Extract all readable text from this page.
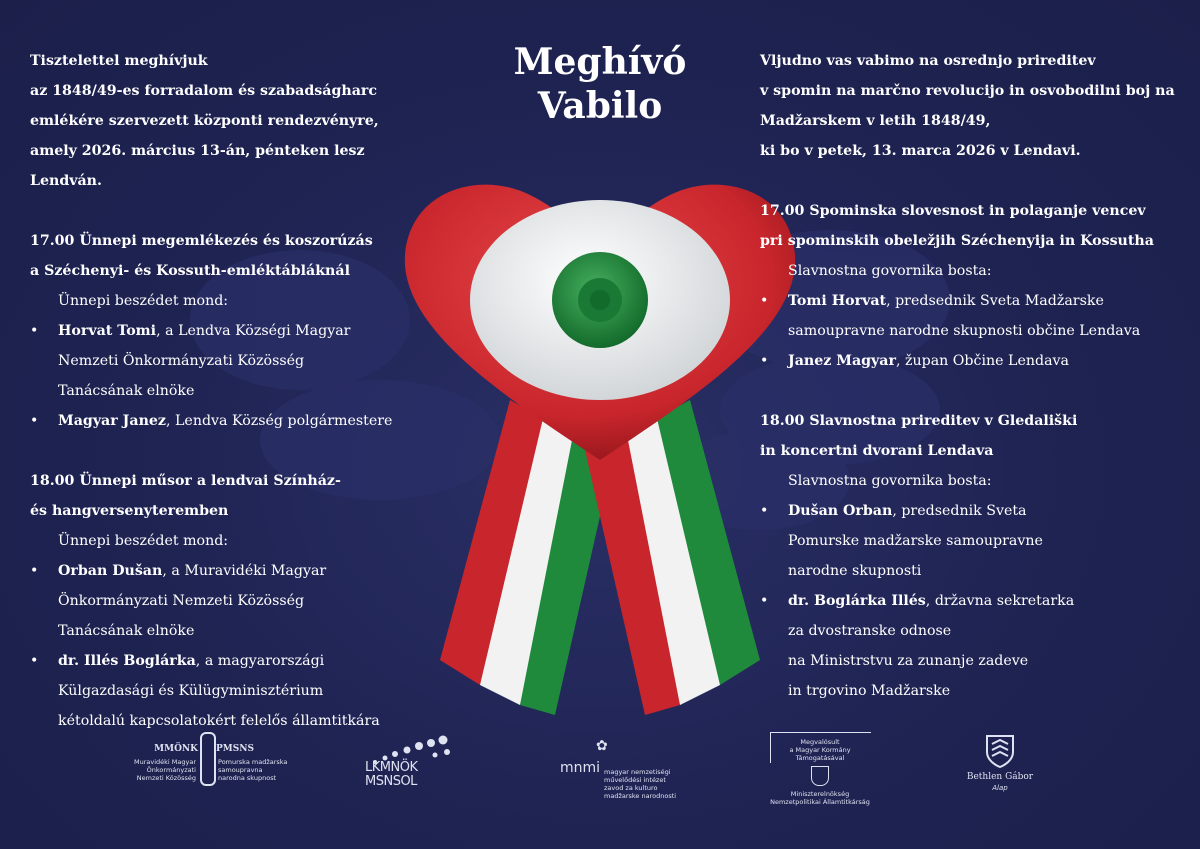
Tisztelettel meghívjuk
az 1848/49-es forradalom és szabadságharc
emlékére szervezett központi rendezvényre,
amely 2026. március 13-án, pénteken lesz Lendván.
17.00 Ünnepi megemlékezés és koszorúzás
a Széchenyi- és Kossuth-emléktábláknál
Ünnepi beszédet mond:
• Horvat Tomi, a Lendva Községi Magyar
Nemzeti Önkormányzati Közösség
Tanácsának elnöke
• Magyar Janez, Lendva Község polgármestere
18.00 Ünnepi műsor a lendvai Színház-
és hangversenyteremben
Ünnepi beszédet mond:
• Orban Dušan, a Muravidéki Magyar
Önkormányzati Nemzeti Közösség
Tanácsának elnöke
• dr. Illés Boglárka, a magyarországi
Külgazdasági és Külügyminisztérium
kétoldalú kapcsolatokért felelős államtitkára
Meghívó
Vabilo
Vljudno vas vabimo na osrednjo prireditev
v spomin na marčno revolucijo in osvobodilni boj na
Madžarskem v letih 1848/49,
ki bo v petek, 13. marca 2026 v Lendavi.
17.00 Spominska slovesnost in polaganje vencev
pri spominskih obeležjih Széchenyija in Kossutha
Slavnostna govornika bosta:
• Tomi Horvat, predsednik Sveta Madžarske
samoupravne narodne skupnosti občine Lendava
• Janez Magyar, župan Občine Lendava
18.00 Slavnostna prireditev v Gledališki
in koncertni dvorani Lendava
Slavnostna govornika bosta:
• Dušan Orban, predsednik Sveta
Pomurske madžarske samoupravne
narodne skupnosti
• dr. Boglárka Illés, državna sekretarka
za dvostranske odnose
na Ministrstvu za zunanje zadeve
in trgovino Madžarske
MMÖNK PMSNS
Muravidéki Magyar
Önkormányzati
Nemzeti Közösség
Pomurska madžarska
samoupravna
narodna skupnost
LKMNÖK
MSNSOL
✿
mnmi magyar nemzetiségi
művelődési intézet
zavod za kulturo
madžarske narodnosti
Megvalósult
a Magyar Kormány
Támogatásával
Miniszterelnökség Nemzetpolitikai Államtitkárság
Bethlen Gábor
Alap
